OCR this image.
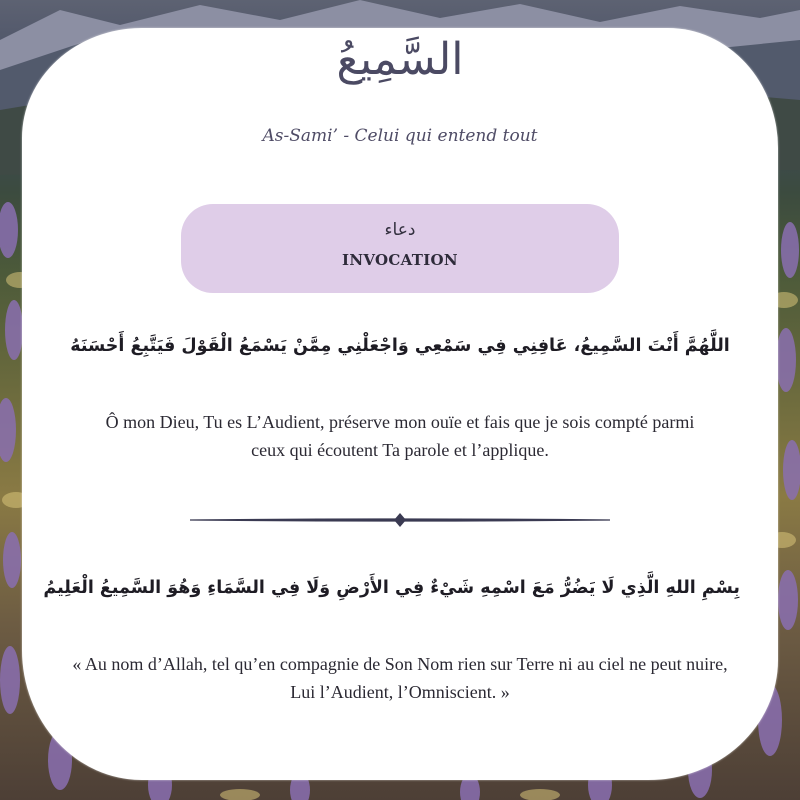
السَّمِيعُ
As-Sami’ - Celui qui entend tout
دعاء
INVOCATION
اللَّهُمَّ أَنْتَ السَّمِيعُ، عَافِنِي فِي سَمْعِي وَاجْعَلْنِي مِمَّنْ يَسْمَعُ الْقَوْلَ فَيَتَّبِعُ أَحْسَنَهُ
Ô mon Dieu, Tu es L’Audient, préserve mon ouïe et fais que je sois compté parmi ceux qui écoutent Ta parole et l’applique.
بِسْمِ اللهِ الَّذِي لَا يَضُرُّ مَعَ اسْمِهِ شَيْءٌ فِي الأَرْضِ وَلَا فِي السَّمَاءِ وَهُوَ السَّمِيعُ الْعَلِيمُ
« Au nom d’Allah, tel qu’en compagnie de Son Nom rien sur Terre ni au ciel ne peut nuire, Lui l’Audient, l’Omniscient. »
